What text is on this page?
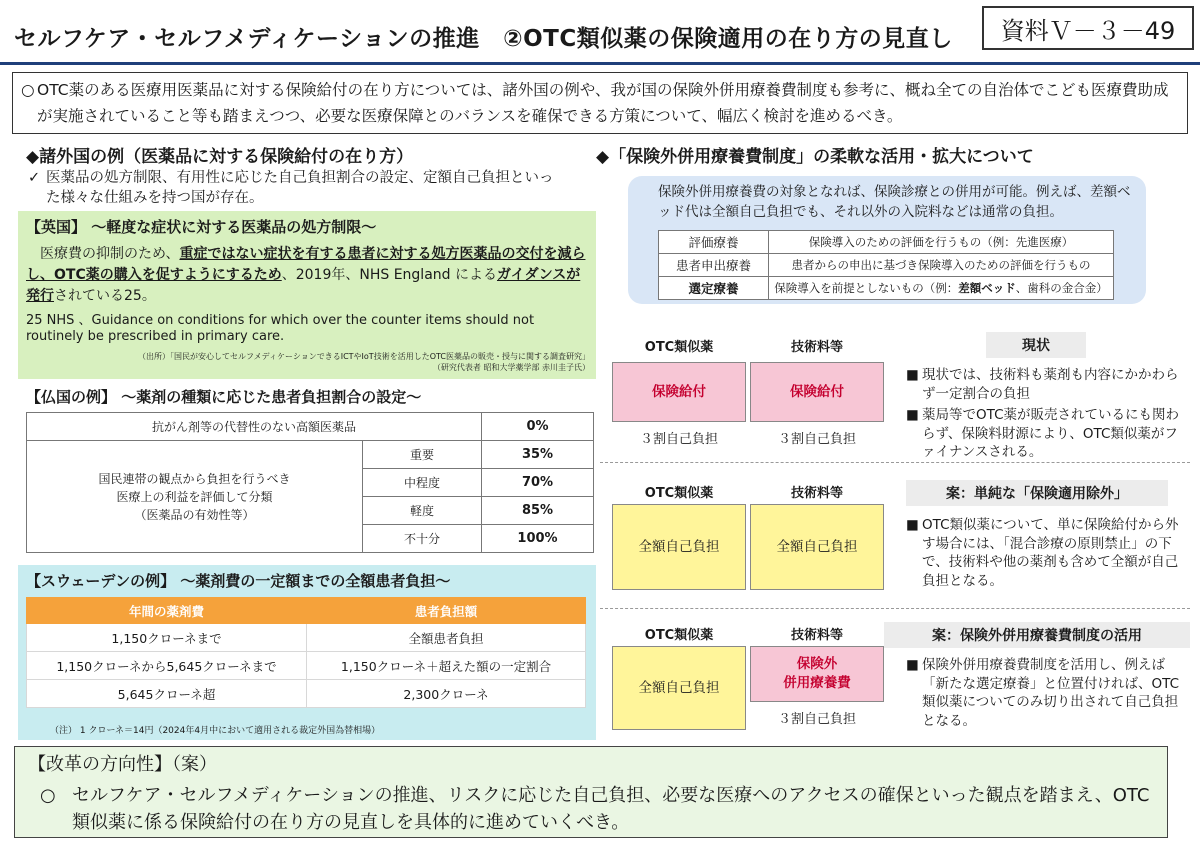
セルフケア・セルフメディケーションの推進　②OTC類似薬の保険適用の在り方の見直し	資料Ｖ－３－49
○ OTC薬のある医療用医薬品に対する保険給付の在り方については、諸外国の例や、我が国の保険外併用療養費制度も参考に、概ね全ての自治体でこども医療費助成が実施されていること等も踏まえつつ、必要な医療保障とのバランスを確保できる方策について、幅広く検討を進めるべき。
◆諸外国の例（医薬品に対する保険給付の在り方）
✓ 医薬品の処方制限、有用性に応じた自己負担割合の設定、定額自己負担といった様々な仕組みを持つ国が存在。
【英国】 ～軽度な症状に対する医薬品の処方制限～
医療費の抑制のため、重症ではない症状を有する患者に対する処方医薬品の交付を減らし、OTC薬の購入を促すようにするため、2019年、NHS England によるガイダンスが発行されている25。
25 NHS 、Guidance on conditions for which over the counter items should not routinely be prescribed in primary care.
（出所）「国民が安心してセルフメディケーションできるICTやIoT技術を活用したOTC医薬品の販売・授与に関する調査研究」
（研究代表者 昭和大学薬学部 赤川圭子氏）
【仏国の例】 ～薬剤の種類に応じた患者負担割合の設定～
抗がん剤等の代替性のない高額医薬品		0%

国民連帯の観点から負担を行うべき
医療上の利益を評価して分類
（医薬品の有効性等）	重要	35%
	中程度	70%
	軽度	85%
	不十分	100%
【スウェーデンの例】 ～薬剤費の一定額までの全額患者負担～
年間の薬剤費	患者負担額
1,150クローネまで	全額患者負担
1,150クローネから5,645クローネまで	1,150クローネ＋超えた額の一定割合
5,645クローネ超	2,300クローネ
（注） 1 クローネ＝14円（2024年4月中において適用される裁定外国為替相場）
◆「保険外併用療養費制度」の柔軟な活用・拡大について
保険外併用療養費の対象となれば、保険診療との併用が可能。例えば、差額ベッド代は全額自己負担でも、それ以外の入院料などは通常の負担。
評価療養	保険導入のための評価を行うもの（例：先進医療）
患者申出療養	患者からの申出に基づき保険導入のための評価を行うもの
選定療養	保険導入を前提としないもの（例：差額ベッド、歯科の金合金）
OTC類似薬	技術料等
保険給付	保険給付
３割自己負担	３割自己負担
現状
■ 現状では、技術料も薬剤も内容にかかわらず一定割合の負担
■ 薬局等でOTC薬が販売されているにも関わらず、保険料財源により、OTC類似薬がファイナンスされる。
OTC類似薬	技術料等
全額自己負担	全額自己負担
案：単純な「保険適用除外」
■ OTC類似薬について、単に保険給付から外す場合には、「混合診療の原則禁止」の下で、技術料や他の薬剤も含めて全額が自己負担となる。
OTC類似薬	技術料等
全額自己負担
保険外
併用療養費
３割自己負担
案：保険外併用療養費制度の活用
■ 保険外併用療養費制度を活用し、例えば「新たな選定療養」と位置付ければ、OTC類似薬についてのみ切り出されて自己負担となる。
【改革の方向性】（案）
○ セルフケア・セルフメディケーションの推進、リスクに応じた自己負担、必要な医療へのアクセスの確保といった観点を踏まえ、OTC類似薬に係る保険給付の在り方の見直しを具体的に進めていくべき。
